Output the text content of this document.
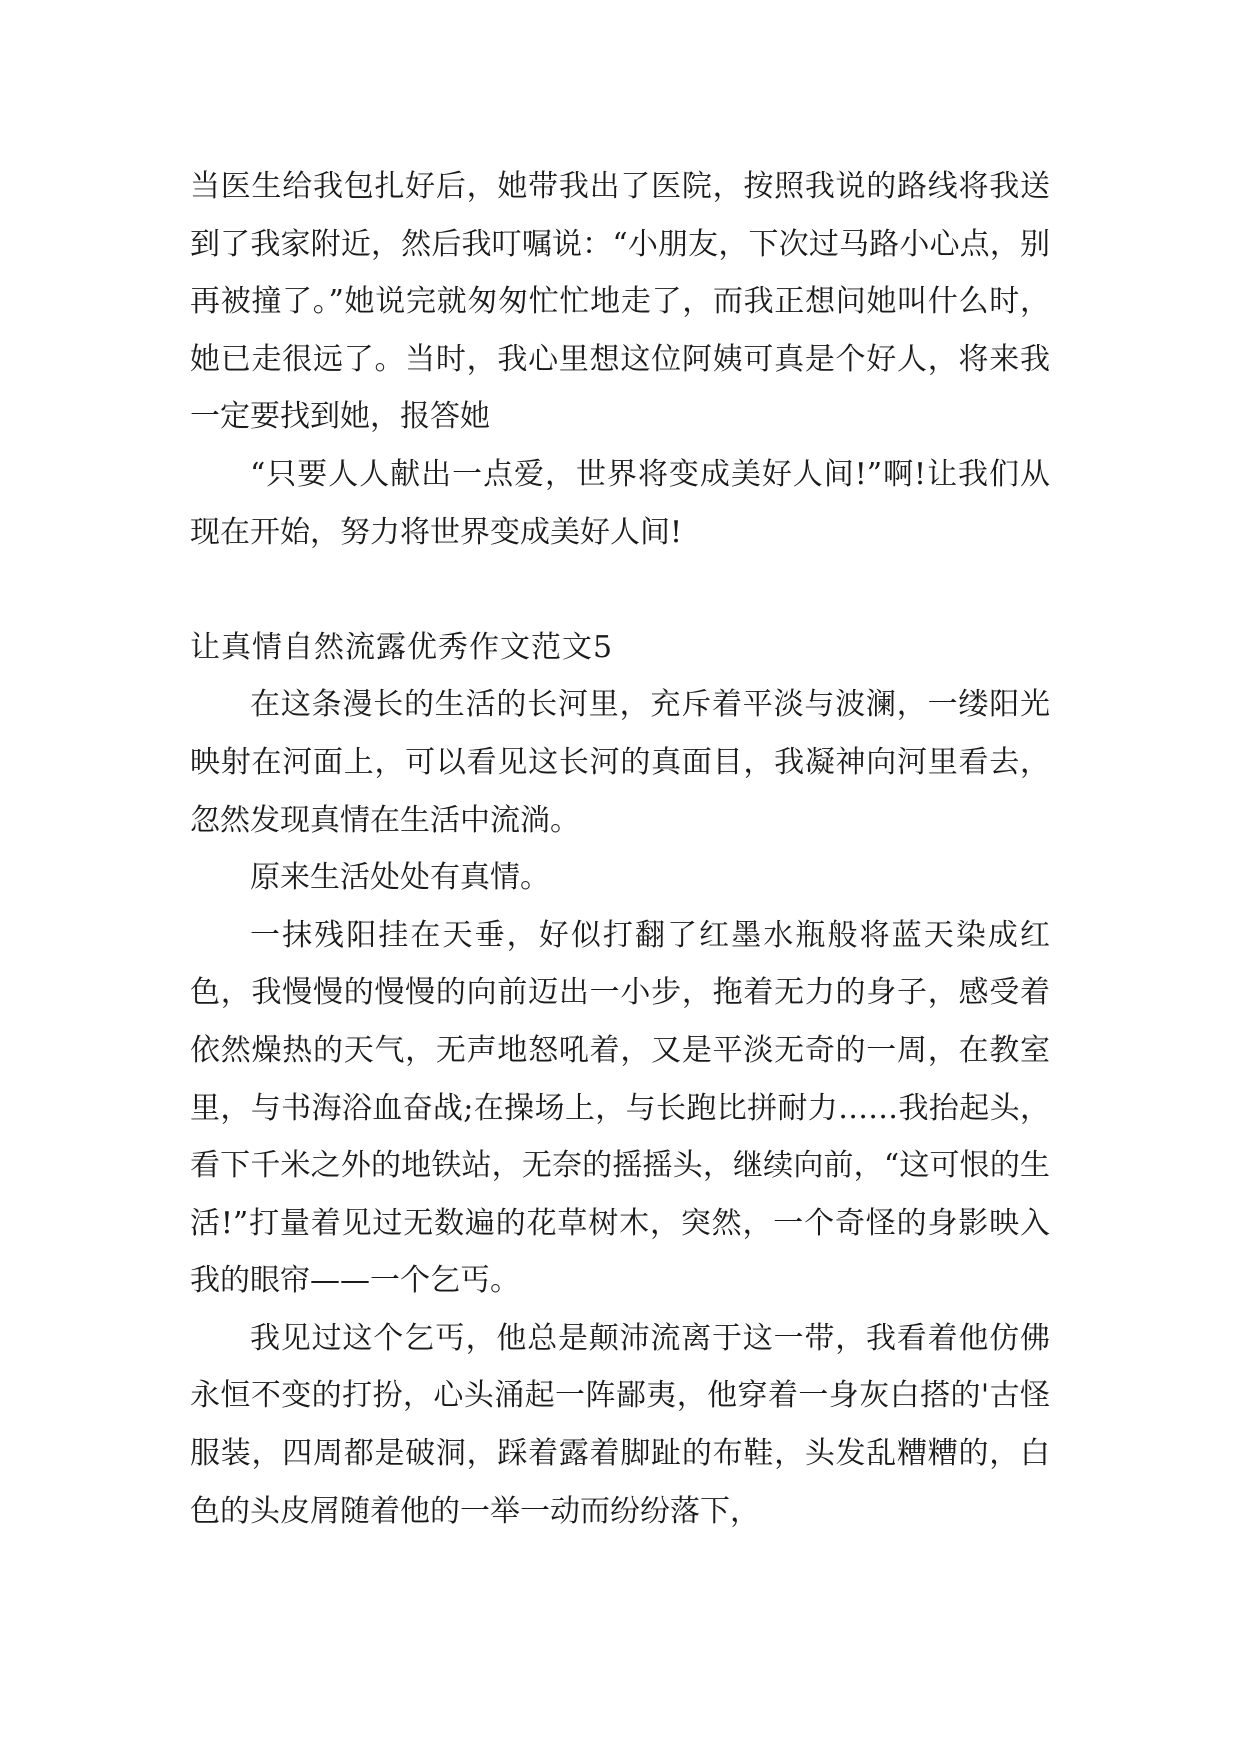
当医生给我包扎好后，她带我出了医院，按照我说的路线将我送到了我家附近，然后我叮嘱说：“小朋友，下次过马路小心点，别再被撞了。”她说完就匆匆忙忙地走了，而我正想问她叫什么时，她已走很远了。当时，我心里想这位阿姨可真是个好人，将来我一定要找到她，报答她

“只要人人献出一点爱，世界将变成美好人间!”啊!让我们从现在开始，努力将世界变成美好人间!

让真情自然流露优秀作文范文5

在这条漫长的生活的长河里，充斥着平淡与波澜，一缕阳光映射在河面上，可以看见这长河的真面目，我凝神向河里看去，忽然发现真情在生活中流淌。

原来生活处处有真情。

一抹残阳挂在天垂，好似打翻了红墨水瓶般将蓝天染成红色，我慢慢的慢慢的向前迈出一小步，拖着无力的身子，感受着依然燥热的天气，无声地怒吼着，又是平淡无奇的一周，在教室里，与书海浴血奋战;在操场上，与长跑比拼耐力……我抬起头，看下千米之外的地铁站，无奈的摇摇头，继续向前，“这可恨的生活!”打量着见过无数遍的花草树木，突然，一个奇怪的身影映入我的眼帘——一个乞丐。

我见过这个乞丐，他总是颠沛流离于这一带，我看着他仿佛永恒不变的打扮，心头涌起一阵鄙夷，他穿着一身灰白搭的'古怪服装，四周都是破洞，踩着露着脚趾的布鞋，头发乱糟糟的，白色的头皮屑随着他的一举一动而纷纷落下，
